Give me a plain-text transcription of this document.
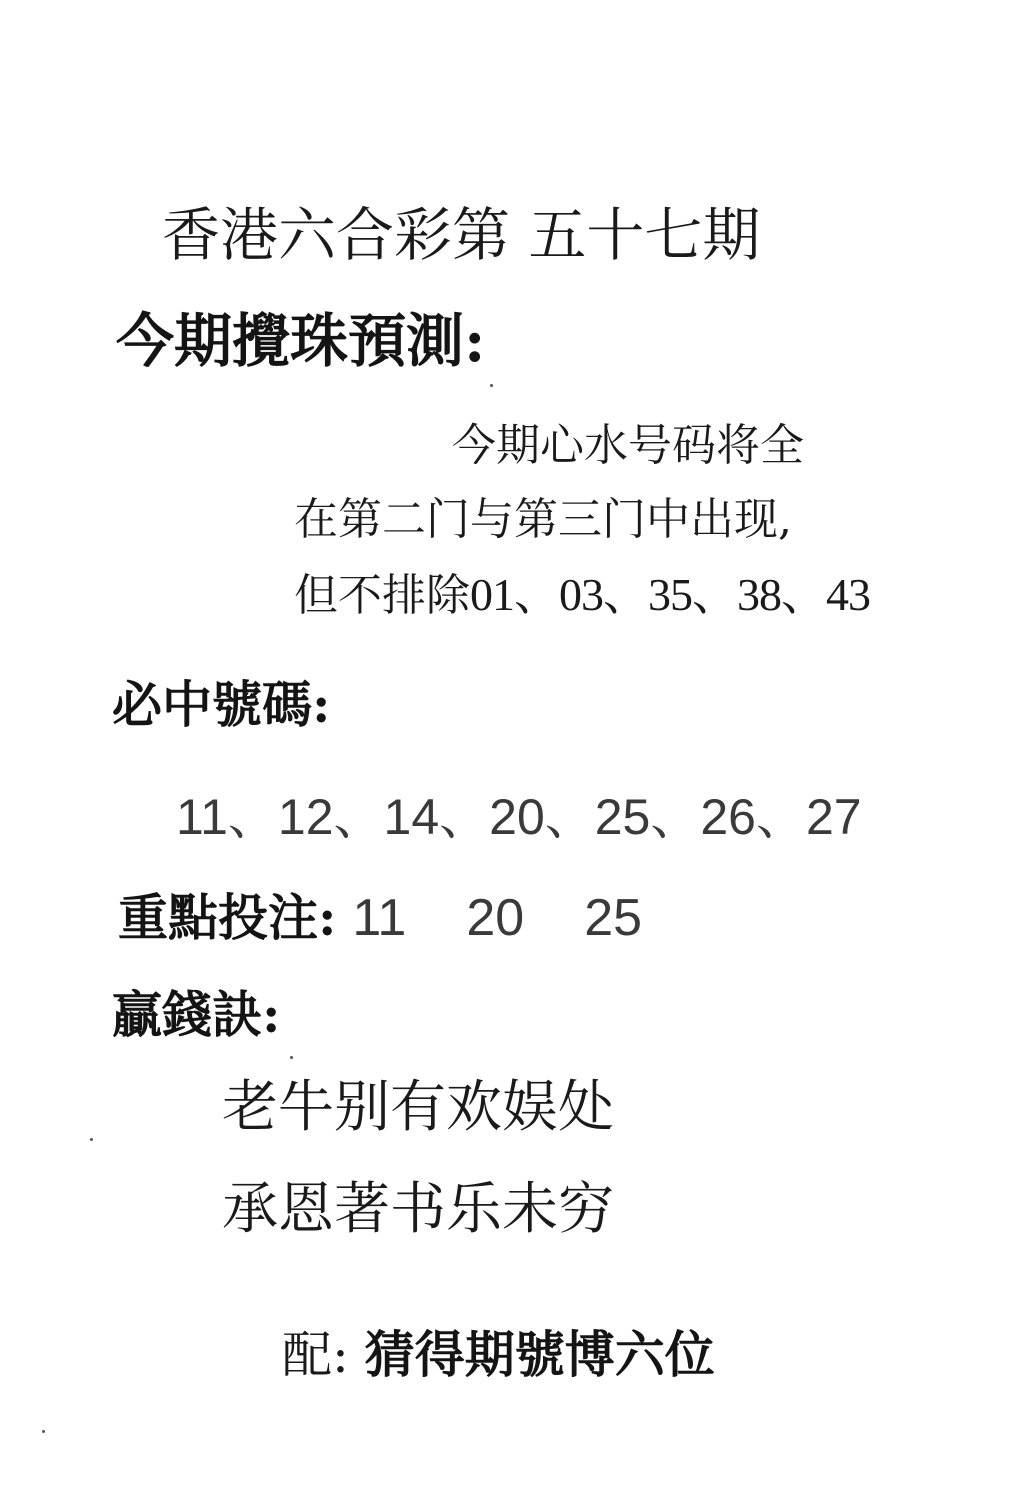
香港六合彩第 五十七期
今期攪珠預測:
今期心水号码将全
在第二门与第三门中出现,
但不排除01、03、35、38、43
必中號碼:
11、12、14、20、25、26、27
重點投注: 11 20 25
贏錢訣:
老牛别有欢娱处
承恩著书乐未穷
配: 猜得期號博六位
